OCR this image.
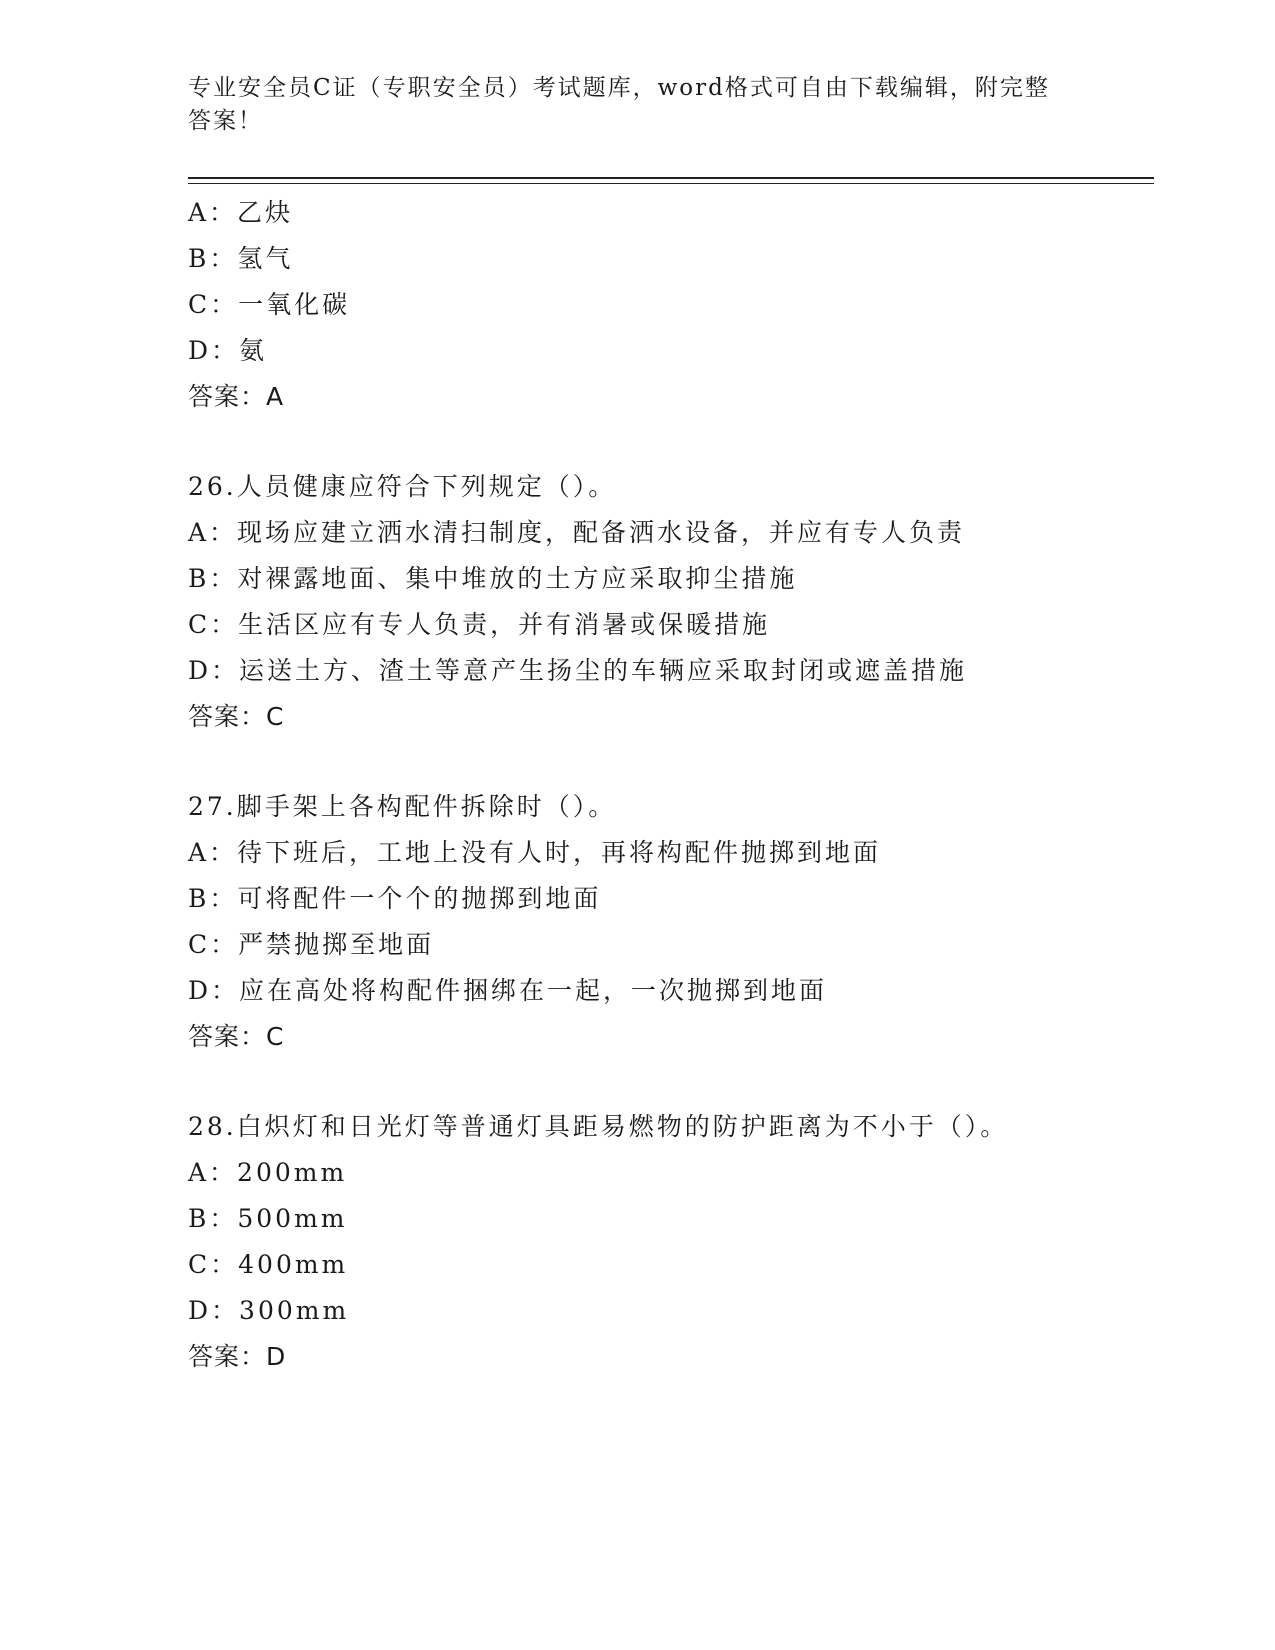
专业安全员C证（专职安全员）考试题库，word格式可自由下载编辑，附完整答案！
A：乙炔
B：氢气
C：一氧化碳
D：氨
答案：A
26.人员健康应符合下列规定（）。
A：现场应建立洒水清扫制度，配备洒水设备，并应有专人负责
B：对裸露地面、集中堆放的土方应采取抑尘措施
C：生活区应有专人负责，并有消暑或保暖措施
D：运送土方、渣土等意产生扬尘的车辆应采取封闭或遮盖措施
答案：C
27.脚手架上各构配件拆除时（）。
A：待下班后，工地上没有人时，再将构配件抛掷到地面
B：可将配件一个个的抛掷到地面
C：严禁抛掷至地面
D：应在高处将构配件捆绑在一起，一次抛掷到地面
答案：C
28.白炽灯和日光灯等普通灯具距易燃物的防护距离为不小于（）。
A：200mm
B：500mm
C：400mm
D：300mm
答案：D
